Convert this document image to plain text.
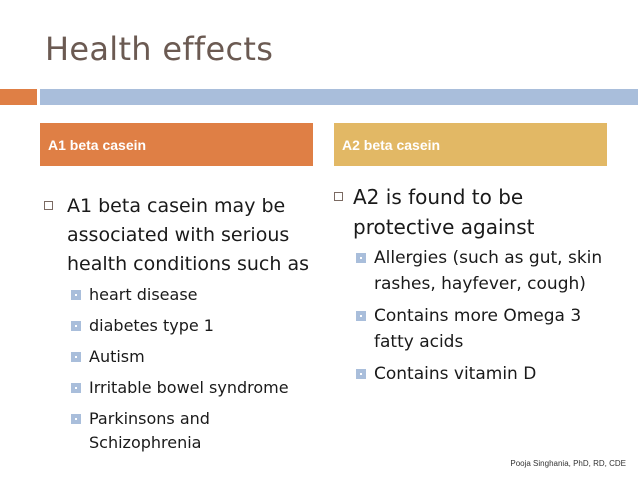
Health effects
A1 beta casein	A2 beta casein
A1 beta casein may be associated with serious health conditions such as
heart disease
diabetes type 1
Autism
Irritable bowel syndrome
Parkinsons and Schizophrenia
A2 is found to be protective against
Allergies (such as gut, skin rashes, hayfever, cough)
Contains more Omega 3 fatty acids
Contains vitamin D
Pooja Singhania, PhD, RD, CDE
